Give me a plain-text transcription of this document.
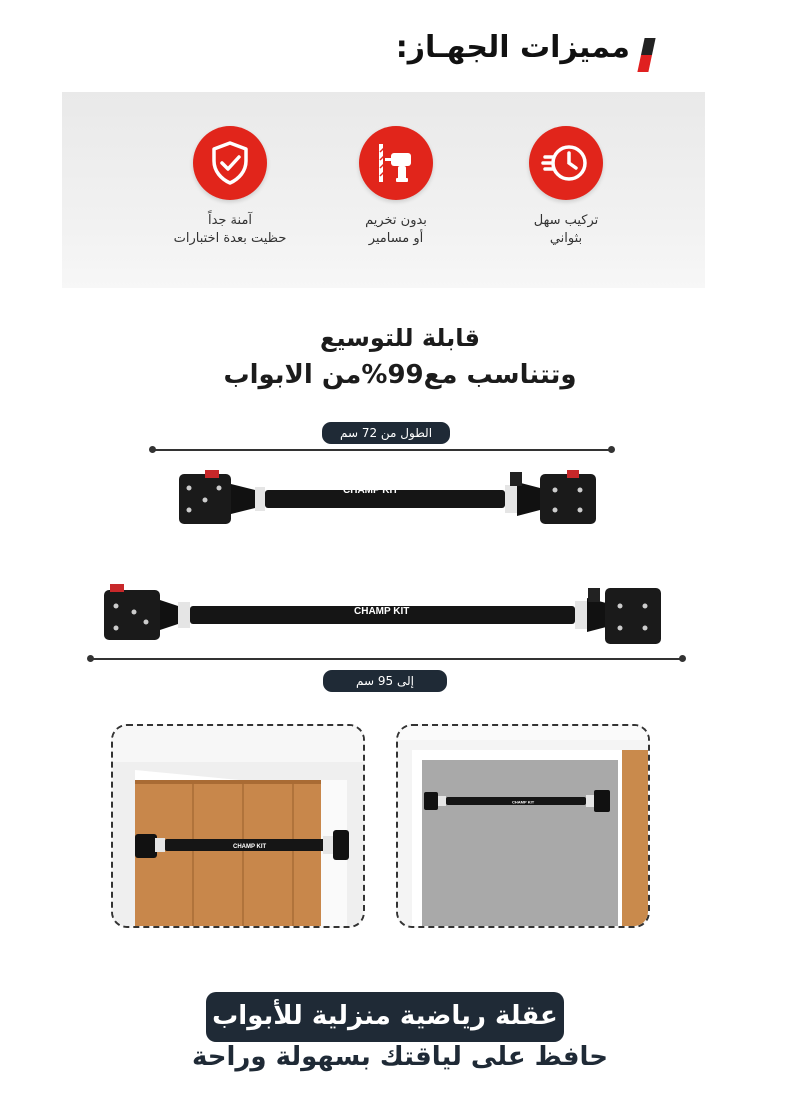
مميزات الجهـاز:
تركيب سهل
بثواني
بدون تخريم
أو مسامير
آمنة جداً
حظيت بعدة اختبارات
قابلة للتوسيع
وتتناسب مع99%من الابواب
الطول من 72 سم
CHAMP KIT
CHAMP KIT
إلى 95 سم
CHAMP KIT
CHAMP KIT
عقلة رياضية منزلية للأبواب
حافظ على لياقتك بسهولة وراحة
